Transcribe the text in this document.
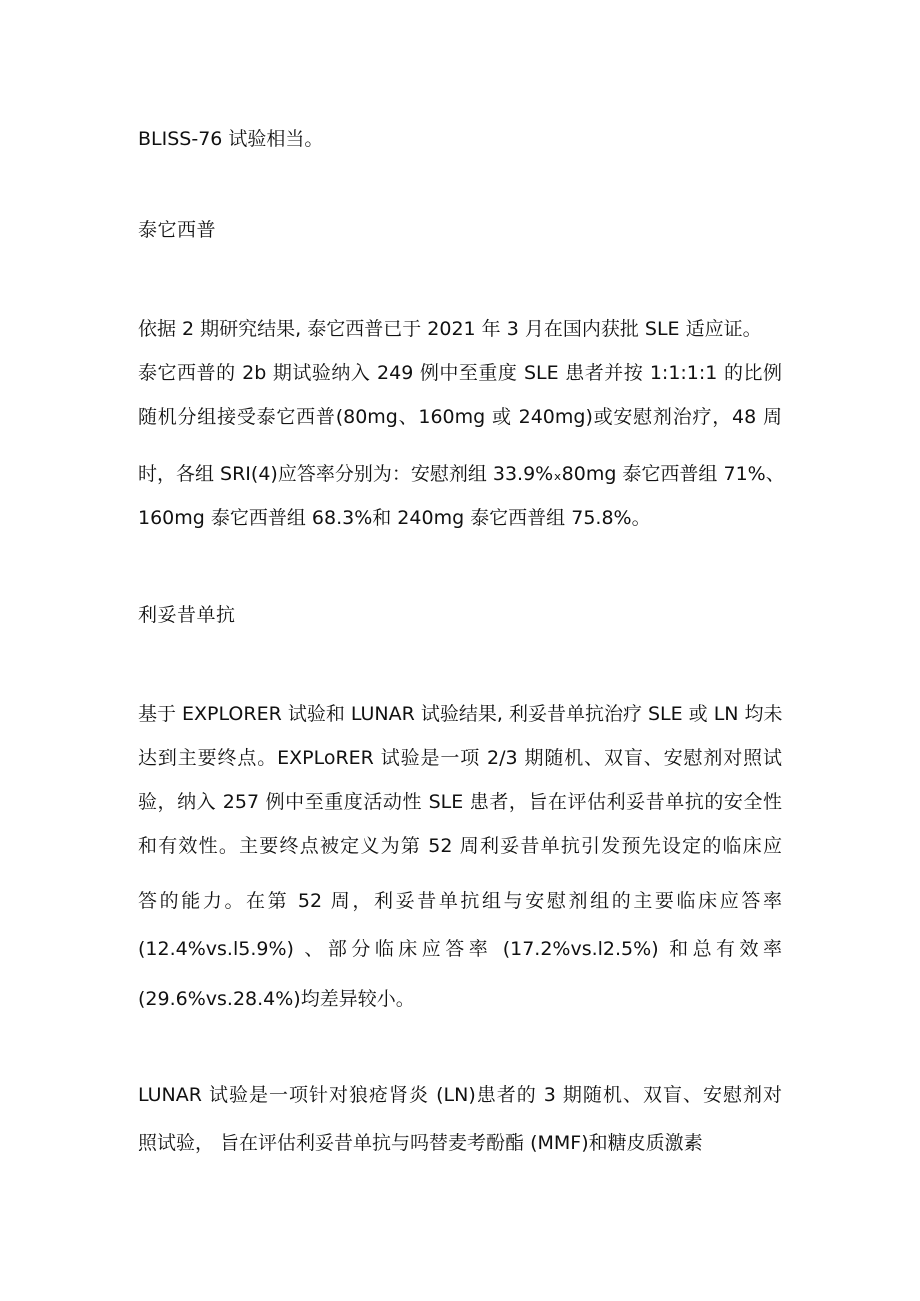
BLISS-76 试验相当。

泰它西普

依据 2 期研究结果, 泰它西普已于 2021 年 3 月在国内获批 SLE 适应证。

泰它西普的 2b 期试验纳入 249 例中至重度 SLE 患者并按 1:1:1:1 的比例

随机分组接受泰它西普(80mg、160mg 或 240mg)或安慰剂治疗，48 周

时，各组 SRI(4)应答率分别为：安慰剂组 33.9%ₓ80mg 泰它西普组 71%、

160mg 泰它西普组 68.3%和 240mg 泰它西普组 75.8%。

利妥昔单抗

基于 EXPLORER 试验和 LUNAR 试验结果, 利妥昔单抗治疗 SLE 或 LN 均未

达到主要终点。EXPLoRER 试验是一项 2/3 期随机、双盲、安慰剂对照试

验，纳入 257 例中至重度活动性 SLE 患者，旨在评估利妥昔单抗的安全性

和有效性。主要终点被定义为第 52 周利妥昔单抗引发预先设定的临床应

答的能力。在第 52 周，利妥昔单抗组与安慰剂组的主要临床应答率

(12.4%vs.l5.9%) 、部分临床应答率 (17.2%vs.l2.5%) 和总有效率

(29.6%vs.28.4%)均差异较小。

LUNAR 试验是一项针对狼疮肾炎 (LN)患者的 3 期随机、双盲、安慰剂对

照试验， 旨在评估利妥昔单抗与吗替麦考酚酯 (MMF)和糖皮质激素
